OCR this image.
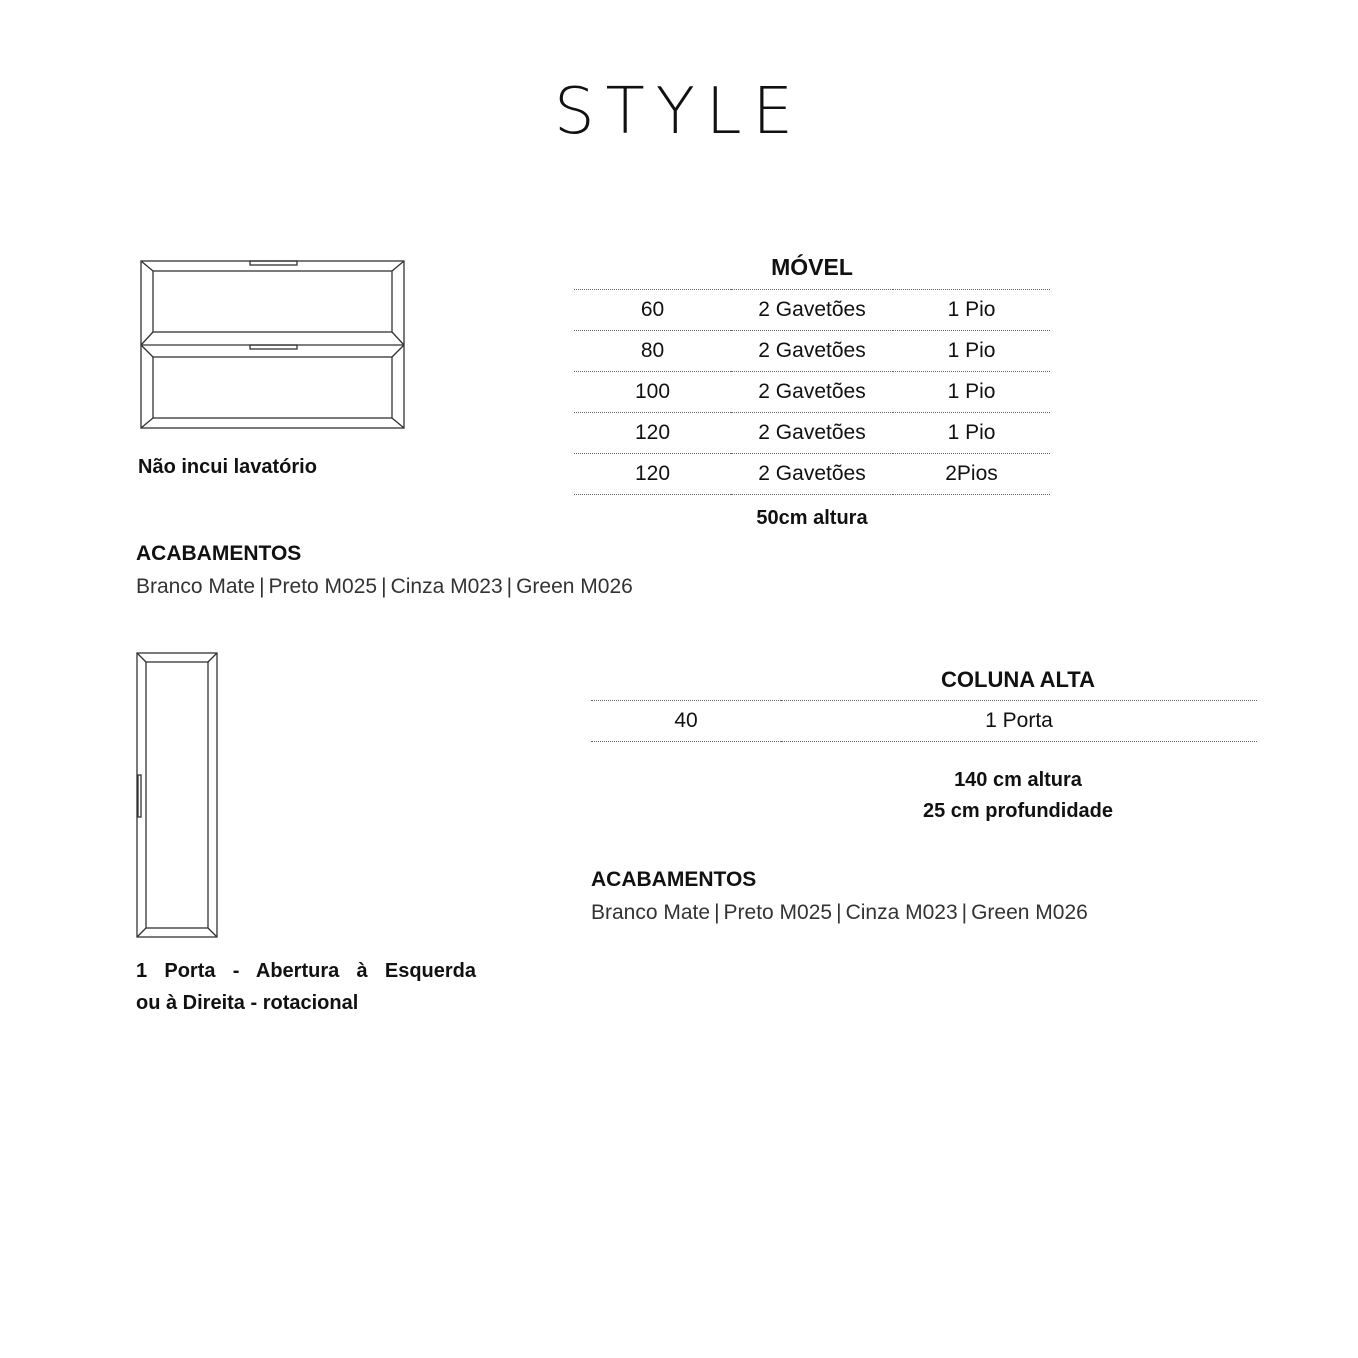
STYLE
Não incui lavatório
MÓVEL
60	2 Gavetões	1 Pio
80	2 Gavetões	1 Pio
100	2 Gavetões	1 Pio
120	2 Gavetões	1 Pio
120	2 Gavetões	2Pios
50cm altura
ACABAMENTOS
Branco Mate | Preto M025 | Cinza M023 | Green M026
1 Porta - Abertura à Esquerda
ou à Direita - rotacional
COLUNA ALTA
40	1 Porta
140 cm altura
25 cm profundidade
ACABAMENTOS
Branco Mate | Preto M025 | Cinza M023 | Green M026
